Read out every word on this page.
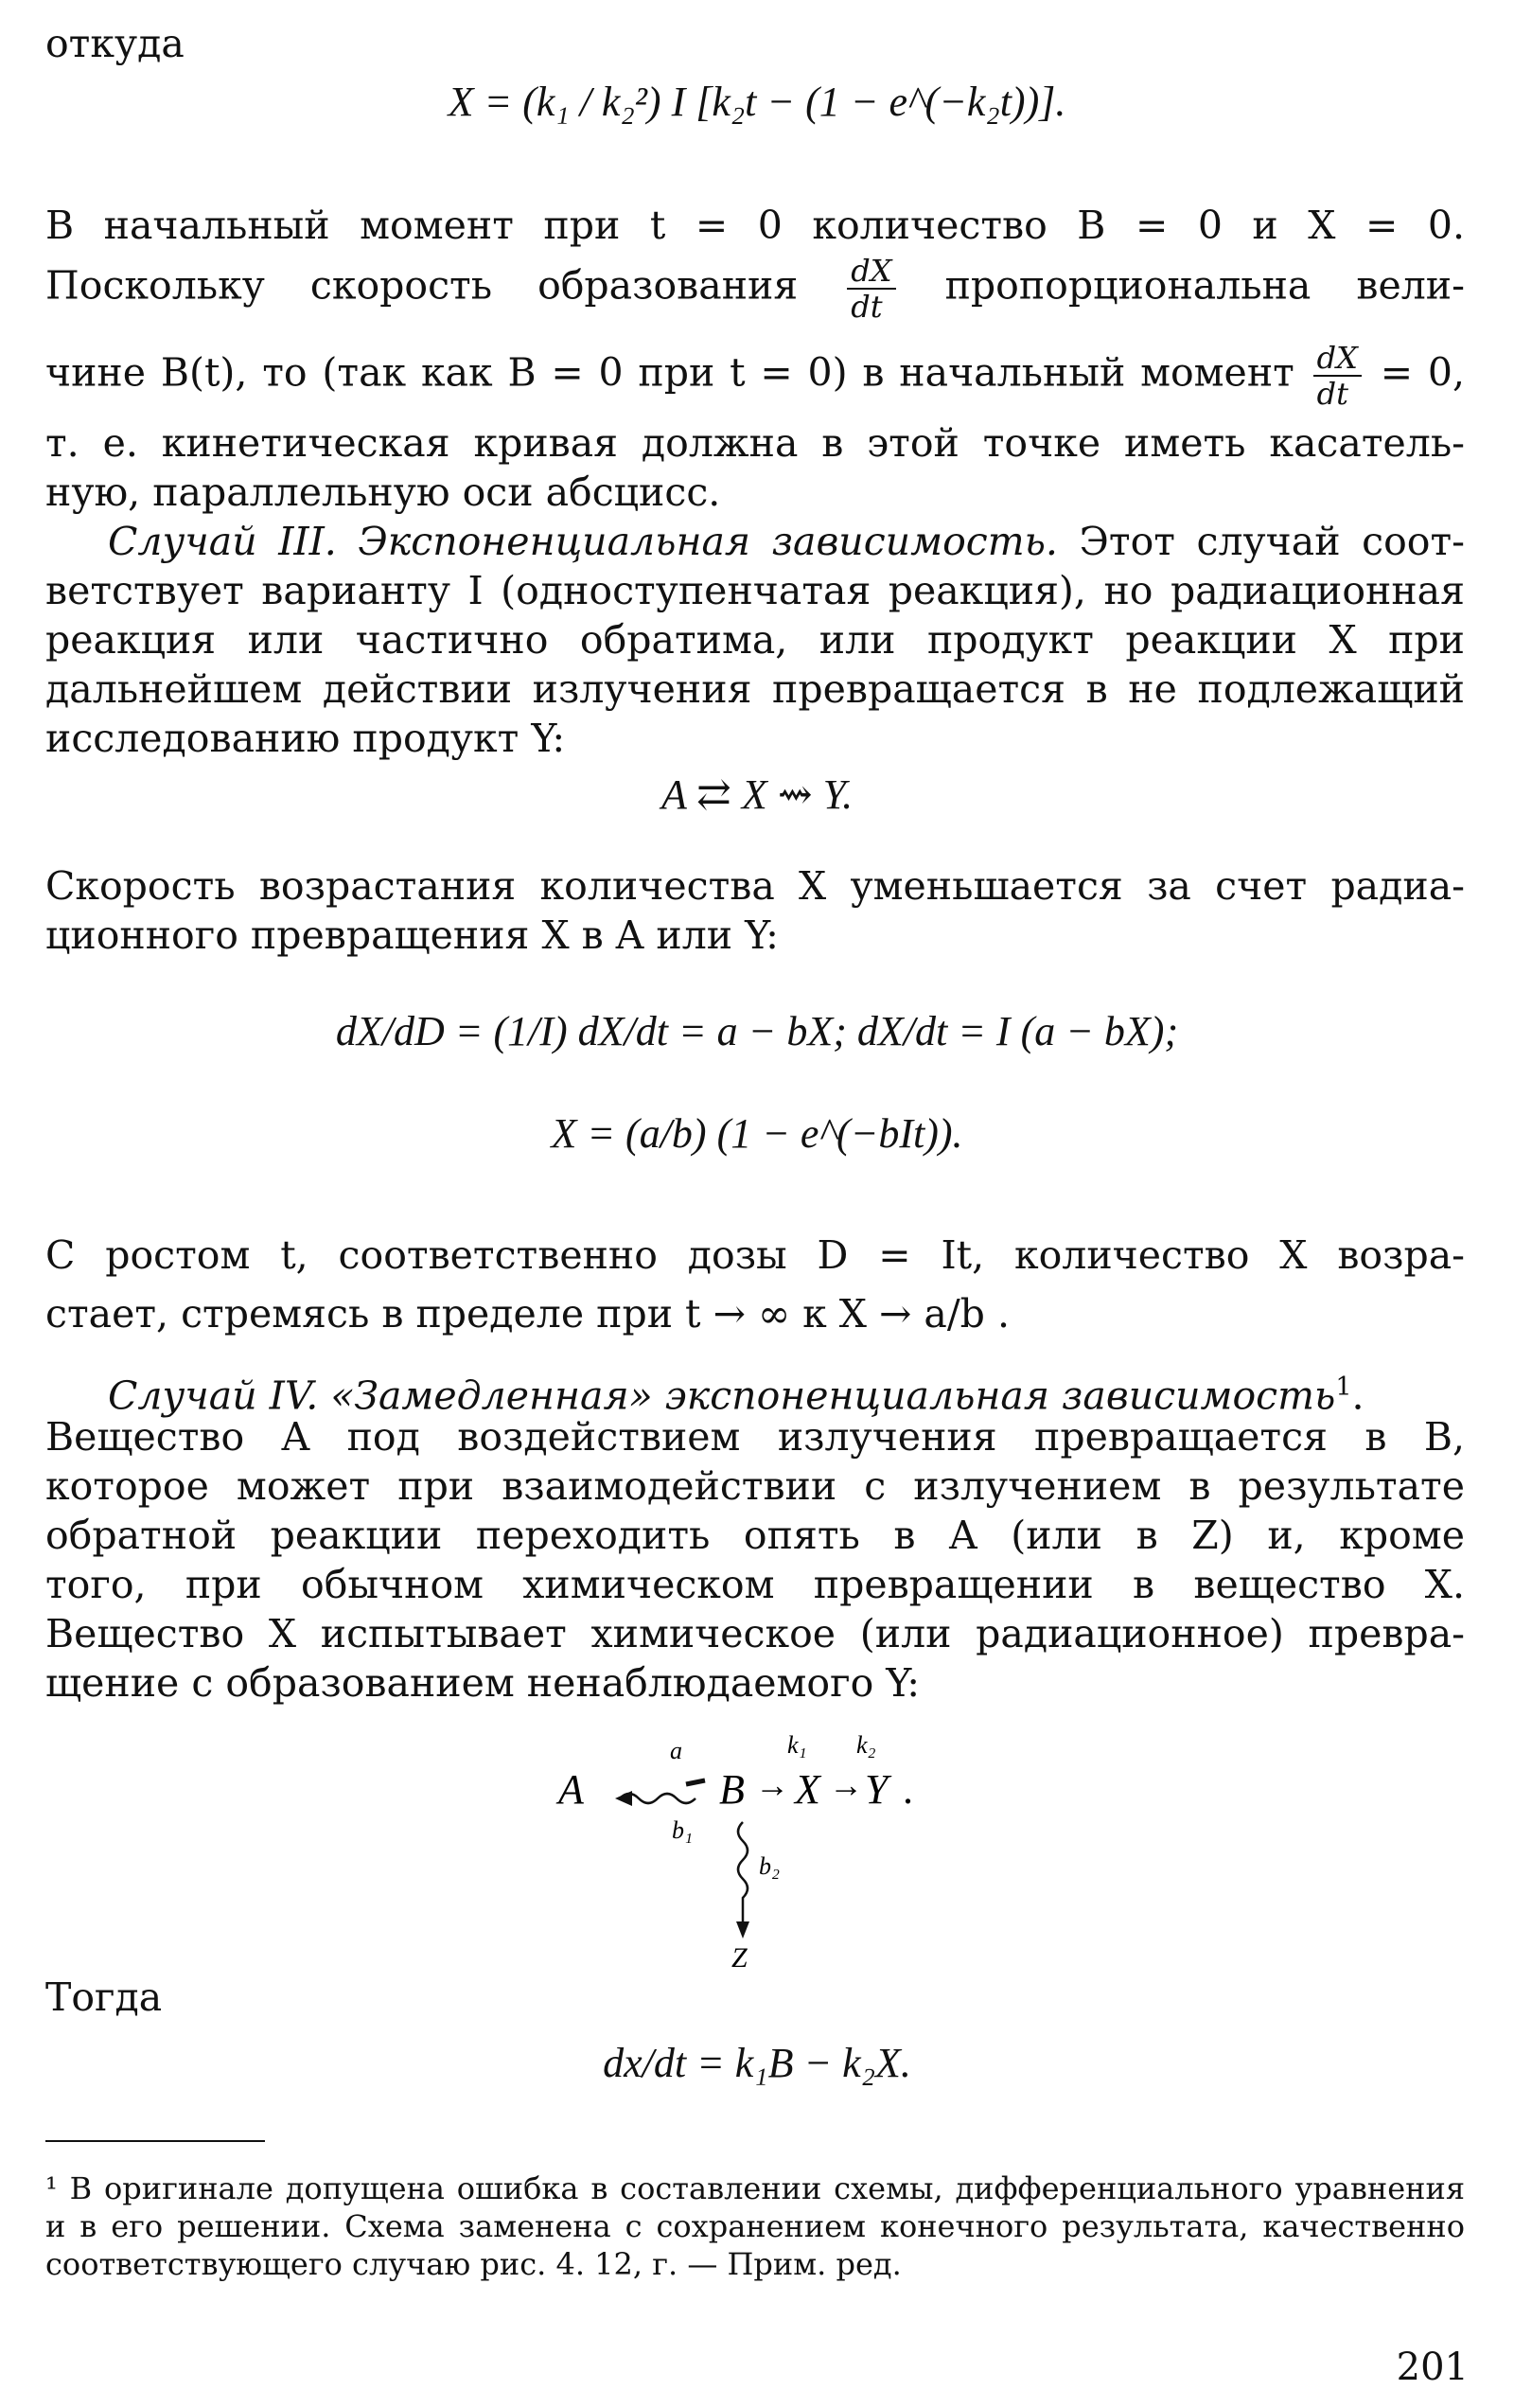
откуда

X = (k₁ / k₂²) I [k₂t − (1 − e^(−k₂t))].

В начальный момент при t = 0 количество B = 0 и X = 0.

Поскольку скорость образования $\frac{dX}{dt}$ пропорциональна вели-

чине B(t), то (так как B = 0 при t = 0) в начальный момент $\frac{dX}{dt} = 0$,

т. е. кинетическая кривая должна в этой точке иметь касатель-

ную, параллельную оси абсцисс.

Случай III. Экспоненциальная зависимость. Этот случай соот-

ветствует варианту I (одноступенчатая реакция), но радиационная

реакция или частично обратима, или продукт реакции X при

дальнейшем действии излучения превращается в не подлежащий

исследованию продукт Y:

A ⇄ X ⇝ Y.

Скорость возрастания количества X уменьшается за счет радиа-

ционного превращения X в A или Y:

dX/dD = (1/I) dX/dt = a − bX; dX/dt = I (a − bX);
X = (a/b) (1 − e^(−bIt)).

С ростом t, соответственно дозы D = It, количество X возра-

стает, стремясь в пределе при t → ∞ к X → a/b .

Случай IV. «Замедленная» экспоненциальная зависимость$^1$.

Вещество A под воздействием излучения превращается в B,

которое может при взаимодействии с излучением в результате

обратной реакции переходить опять в A (или в Z) и, кроме

того, при обычном химическом превращении в вещество X.

Вещество X испытывает химическое (или радиационное) превра-

щение с образованием ненаблюдаемого Y:

A
a
b₁
B
k₁
→ X
k₂
→ Y .
b₂
Z

Тогда

dx/dt = k₁B − k₂X.

¹ В оригинале допущена ошибка в составлении схемы, дифференциального уравнения и в его решении. Схема заменена с сохранением конечного результата, качественно соответствующего случаю рис. 4. 12, г. — Прим. ред.

201
